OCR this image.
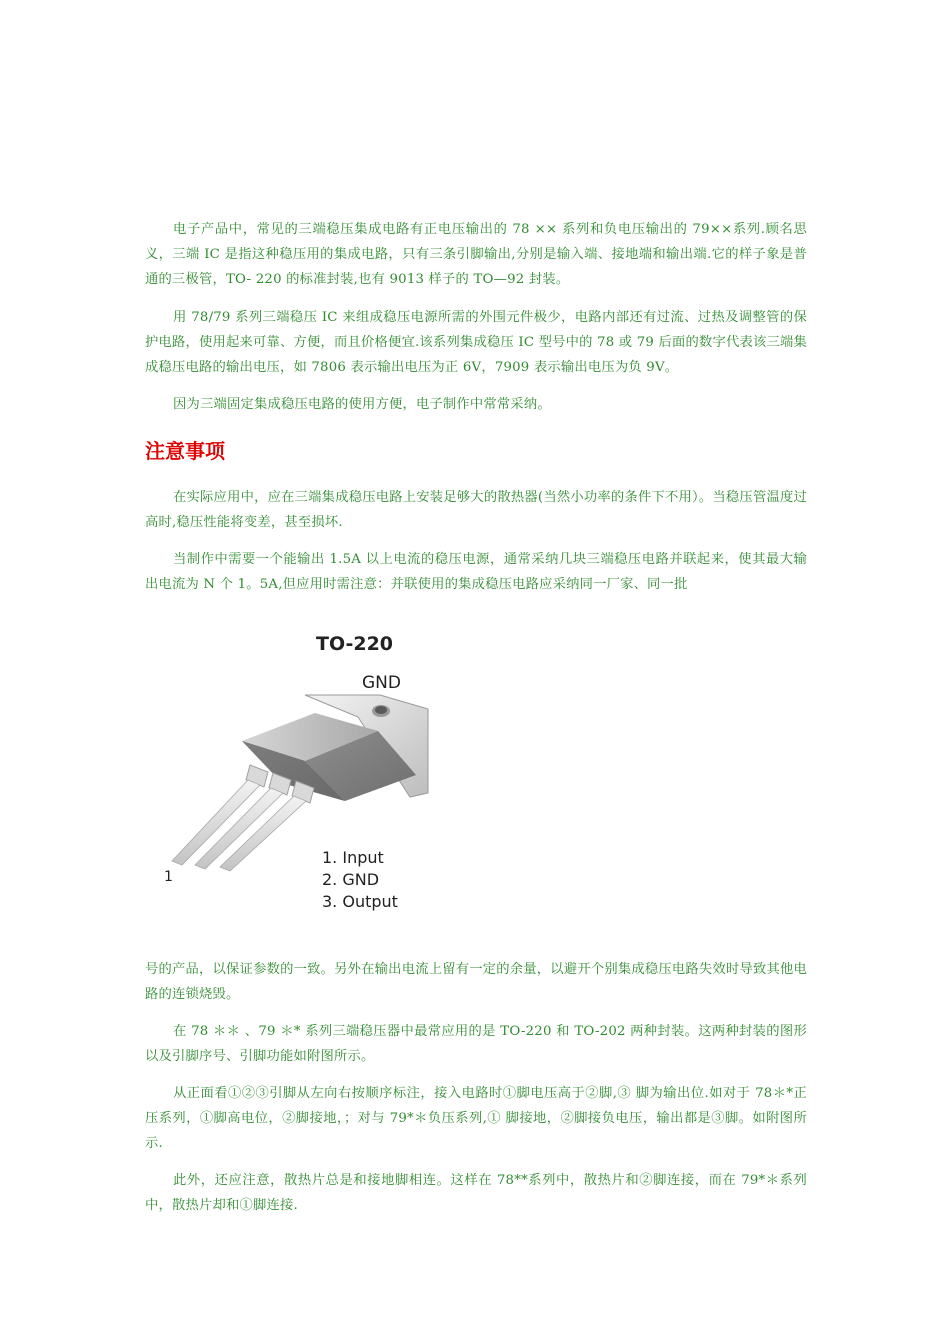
电子产品中，常见的三端稳压集成电路有正电压输出的 78 ×× 系列和负电压输出的 79××系列.顾名思义，三端 IC 是指这种稳压用的集成电路，只有三条引脚输出,分别是输入端、接地端和输出端.它的样子象是普通的三极管，TO- 220 的标准封装,也有 9013 样子的 TO—92 封装。

用 78/79 系列三端稳压 IC 来组成稳压电源所需的外围元件极少，电路内部还有过流、过热及调整管的保护电路，使用起来可靠、方便，而且价格便宜.该系列集成稳压 IC 型号中的 78 或 79 后面的数字代表该三端集成稳压电路的输出电压，如 7806 表示输出电压为正 6V，7909 表示输出电压为负 9V。

因为三端固定集成稳压电路的使用方便，电子制作中常常采纳。

注意事项

在实际应用中，应在三端集成稳压电路上安装足够大的散热器(当然小功率的条件下不用）。当稳压管温度过高时,稳压性能将变差，甚至损坏.

当制作中需要一个能输出 1.5A 以上电流的稳压电源，通常采纳几块三端稳压电路并联起来，使其最大输出电流为 N 个 1。5A,但应用时需注意：并联使用的集成稳压电路应采纳同一厂家、同一批

TO-220
GND
1
1. Input
2. GND
3. Output

号的产品，以保证参数的一致。另外在输出电流上留有一定的余量，以避开个别集成稳压电路失效时导致其他电路的连锁烧毁。

在 78 ＊＊ 、79 ＊* 系列三端稳压器中最常应用的是 TO-220 和 TO-202 两种封装。这两种封装的图形以及引脚序号、引脚功能如附图所示。

从正面看①②③引脚从左向右按顺序标注，接入电路时①脚电压高于②脚,③ 脚为输出位.如对于 78＊*正压系列，①脚高电位，②脚接地，；对与 79*＊负压系列,① 脚接地，②脚接负电压，输出都是③脚。如附图所示.

此外，还应注意，散热片总是和接地脚相连。这样在 78**系列中，散热片和②脚连接，而在 79*＊系列中，散热片却和①脚连接.
